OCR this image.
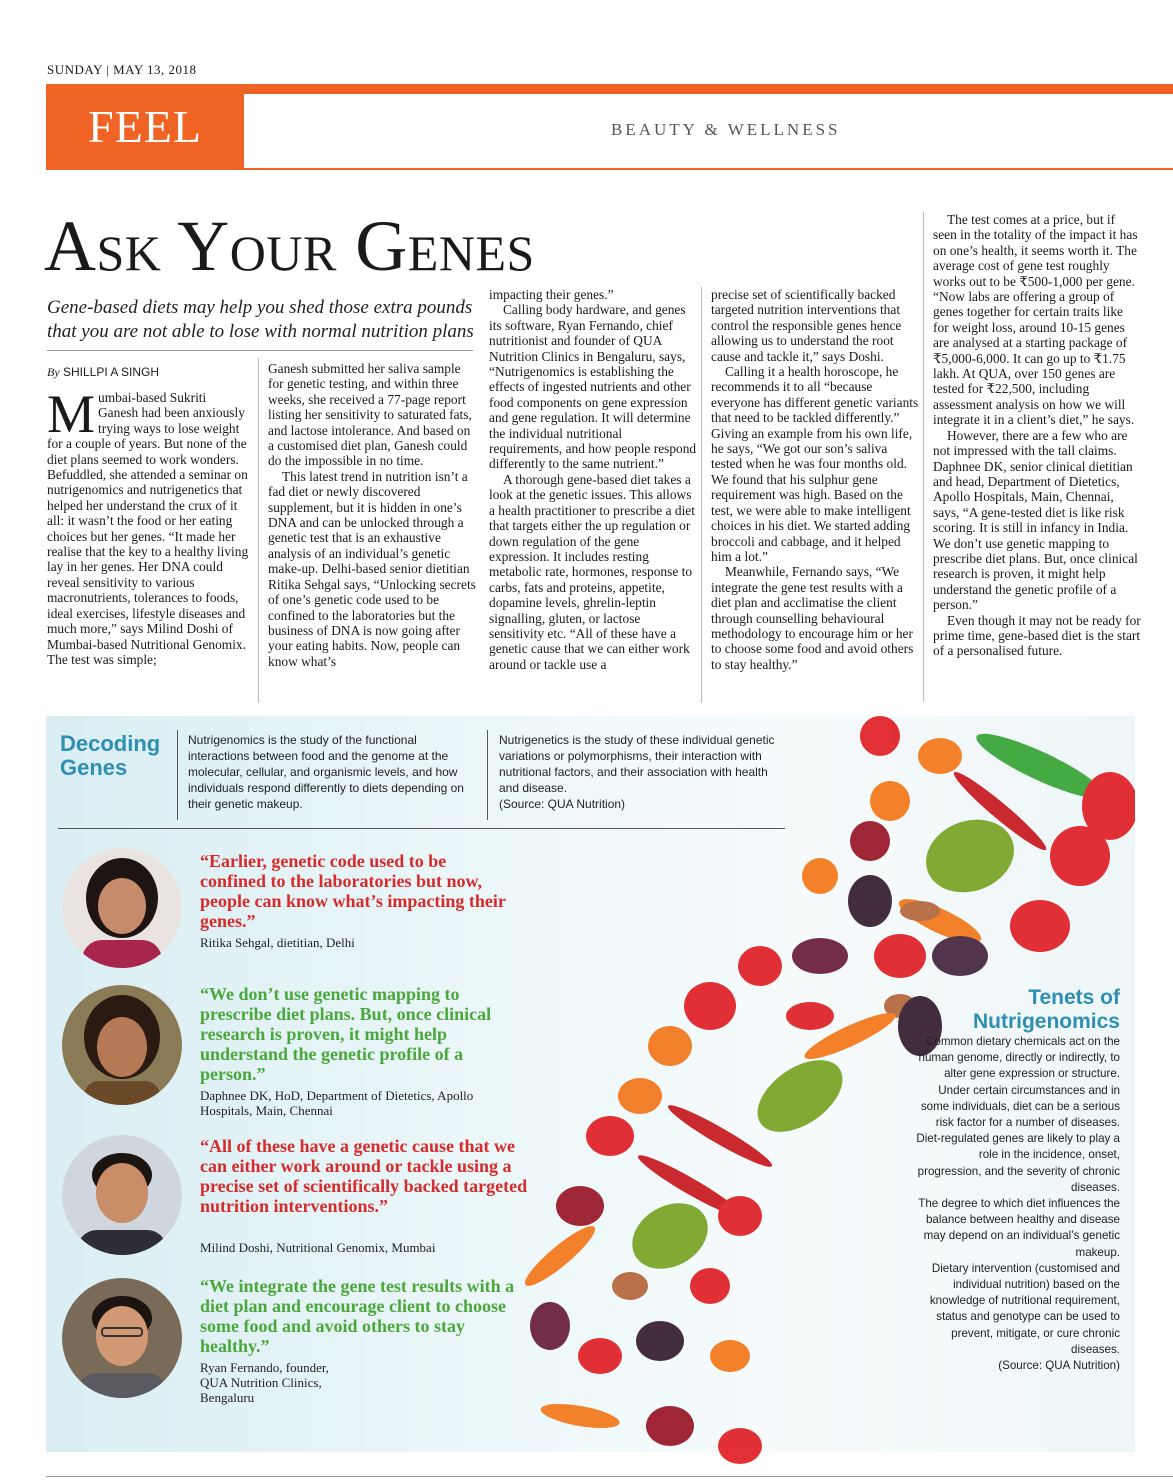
SUNDAY | MAY 13, 2018
FEEL	BEAUTY & WELLNESS
Ask Your Genes
Gene-based diets may help you shed those extra pounds that you are not able to lose with normal nutrition plans
By SHILLPI A SINGH
M umbai-based Sukriti Ganesh had been anxiously trying ways to lose weight for a couple of years. But none of the diet plans seemed to work wonders. Befuddled, she attended a seminar on nutrigenomics and nutrigenetics that helped her understand the crux of it all: it wasn’t the food or her eating choices but her genes. “It made her realise that the key to a healthy living lay in her genes. Her DNA could reveal sensitivity to various macronutrients, tolerances to foods, ideal exercises, lifestyle diseases and much more,” says Milind Doshi of Mumbai-based Nutritional Genomix. The test was simple;

Ganesh submitted her saliva sample for genetic testing, and within three weeks, she received a 77-page report listing her sensitivity to saturated fats, and lactose intolerance. And based on a customised diet plan, Ganesh could do the impossible in no time.

This latest trend in nutrition isn’t a fad diet or newly discovered supplement, but it is hidden in one’s DNA and can be unlocked through a genetic test that is an exhaustive analysis of an individual’s genetic make-up. Delhi-based senior dietitian Ritika Sehgal says, “Unlocking secrets of one’s genetic code used to be confined to the laboratories but the business of DNA is now going after your eating habits. Now, people can know what’s

impacting their genes.”

Calling body hardware, and genes its software, Ryan Fernando, chief nutritionist and founder of QUA Nutrition Clinics in Bengaluru, says, “Nutrigenomics is establishing the effects of ingested nutrients and other food components on gene expression and gene regulation. It will determine the individual nutritional requirements, and how people respond differently to the same nutrient.”

A thorough gene-based diet takes a look at the genetic issues. This allows a health practitioner to prescribe a diet that targets either the up regulation or down regulation of the gene expression. It includes resting metabolic rate, hormones, response to carbs, fats and proteins, appetite, dopamine levels, ghrelin-leptin signalling, gluten, or lactose sensitivity etc. “All of these have a genetic cause that we can either work around or tackle use a

precise set of scientifically backed targeted nutrition interventions that control the responsible genes hence allowing us to understand the root cause and tackle it,” says Doshi.

Calling it a health horoscope, he recommends it to all “because everyone has different genetic variants that need to be tackled differently.” Giving an example from his own life, he says, “We got our son’s saliva tested when he was four months old. We found that his sulphur gene requirement was high. Based on the test, we were able to make intelligent choices in his diet. We started adding broccoli and cabbage, and it helped him a lot.”

Meanwhile, Fernando says, “We integrate the gene test results with a diet plan and acclimatise the client through counselling behavioural methodology to encourage him or her to choose some food and avoid others to stay healthy.”

The test comes at a price, but if seen in the totality of the impact it has on one’s health, it seems worth it. The average cost of gene test roughly works out to be ₹500-1,000 per gene. “Now labs are offering a group of genes together for certain traits like for weight loss, around 10-15 genes are analysed at a starting package of ₹5,000-6,000. It can go up to ₹1.75 lakh. At QUA, over 150 genes are tested for ₹22,500, including assessment analysis on how we will integrate it in a client’s diet,” he says.

However, there are a few who are not impressed with the tall claims. Daphnee DK, senior clinical dietitian and head, Department of Dietetics, Apollo Hospitals, Main, Chennai, says, “A gene-tested diet is like risk scoring. It is still in infancy in India. We don’t use genetic mapping to prescribe diet plans. But, once clinical research is proven, it might help understand the genetic profile of a person.”

Even though it may not be ready for prime time, gene-based diet is the start of a personalised future.

Decoding
Genes
Nutrigenomics is the study of the functional interactions between food and the genome at the molecular, cellular, and organismic levels, and how individuals respond differently to diets depending on their genetic makeup.
Nutrigenetics is the study of these individual genetic variations or polymorphisms, their interaction with nutritional factors, and their association with health and disease.
(Source: QUA Nutrition)
“Earlier, genetic code used to be confined to the laboratories but now, people can know what’s impacting their genes.”
Ritika Sehgal, dietitian, Delhi
“We don’t use genetic mapping to prescribe diet plans. But, once clinical research is proven, it might help understand the genetic profile of a person.”
Daphnee DK, HoD, Department of Dietetics, Apollo Hospitals, Main, Chennai
“All of these have a genetic cause that we can either work around or tackle using a precise set of scientifically backed targeted nutrition interventions.”
Milind Doshi, Nutritional Genomix, Mumbai
“We integrate the gene test results with a diet plan and encourage client to choose some food and avoid others to stay healthy.”
Ryan Fernando, founder,
QUA Nutrition Clinics,
Bengaluru
Tenets of
Nutrigenomics

Common dietary chemicals act on the human genome, directly or indirectly, to alter gene expression or structure.

Under certain circumstances and in some individuals, diet can be a serious risk factor for a number of diseases.

Diet-regulated genes are likely to play a role in the incidence, onset, progression, and the severity of chronic diseases.

The degree to which diet influences the balance between healthy and disease may depend on an individual’s genetic makeup.

Dietary intervention (customised and individual nutrition) based on the knowledge of nutritional requirement, status and genotype can be used to prevent, mitigate, or cure chronic diseases.

(Source: QUA Nutrition)
